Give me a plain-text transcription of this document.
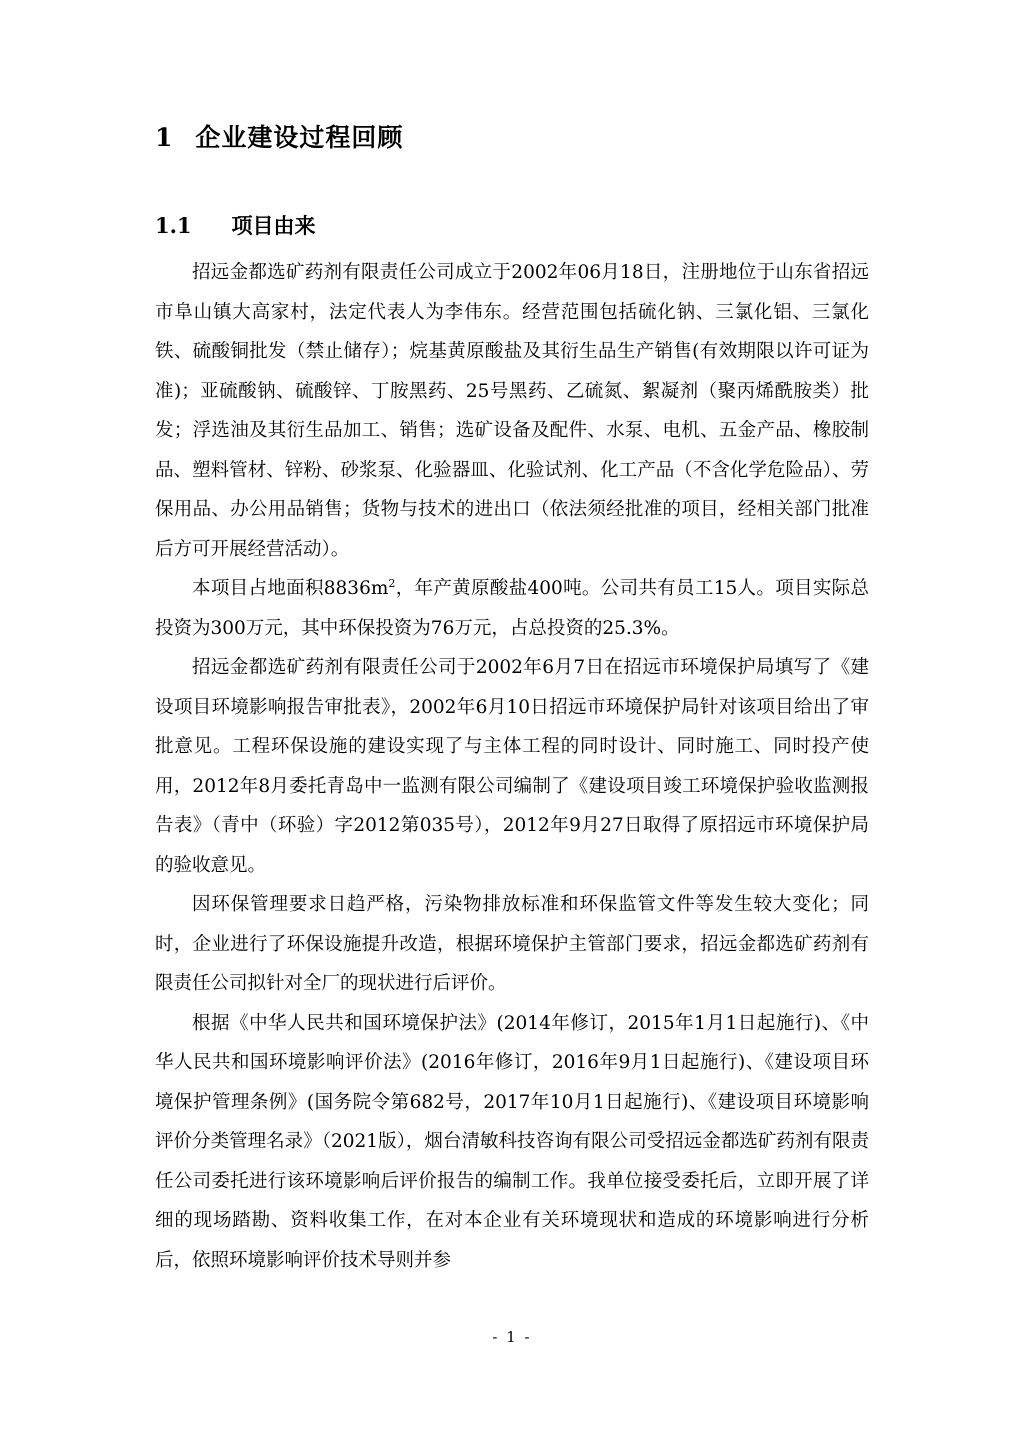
1 企业建设过程回顾
1.1 项目由来

招远金都选矿药剂有限责任公司成立于2002年06月18日，注册地位于山东省招远市阜山镇大高家村，法定代表人为李伟东。经营范围包括硫化钠、三氯化铝、三氯化铁、硫酸铜批发（禁止储存）；烷基黄原酸盐及其衍生品生产销售(有效期限以许可证为准)；亚硫酸钠、硫酸锌、丁胺黑药、25号黑药、乙硫氮、絮凝剂（聚丙烯酰胺类）批发；浮选油及其衍生品加工、销售；选矿设备及配件、水泵、电机、五金产品、橡胶制品、塑料管材、锌粉、砂浆泵、化验器皿、化验试剂、化工产品（不含化学危险品）、劳保用品、办公用品销售；货物与技术的进出口（依法须经批准的项目，经相关部门批准后方可开展经营活动）。

本项目占地面积$8836m^2$，年产黄原酸盐400吨。公司共有员工15人。项目实际总投资为300万元，其中环保投资为76万元，占总投资的25.3%。

招远金都选矿药剂有限责任公司于2002年6月7日在招远市环境保护局填写了《建设项目环境影响报告审批表》，2002年6月10日招远市环境保护局针对该项目给出了审批意见。工程环保设施的建设实现了与主体工程的同时设计、同时施工、同时投产使用，2012年8月委托青岛中一监测有限公司编制了《建设项目竣工环境保护验收监测报告表》（青中（环验）字2012第035号），2012年9月27日取得了原招远市环境保护局的验收意见。

因环保管理要求日趋严格，污染物排放标准和环保监管文件等发生较大变化；同时，企业进行了环保设施提升改造，根据环境保护主管部门要求，招远金都选矿药剂有限责任公司拟针对全厂的现状进行后评价。

根据《中华人民共和国环境保护法》(2014年修订，2015年1月1日起施行)、《中华人民共和国环境影响评价法》(2016年修订，2016年9月1日起施行)、《建设项目环境保护管理条例》(国务院令第682号，2017年10月1日起施行)、《建设项目环境影响评价分类管理名录》（2021版），烟台清敏科技咨询有限公司受招远金都选矿药剂有限责任公司委托进行该环境影响后评价报告的编制工作。我单位接受委托后，立即开展了详细的现场踏勘、资料收集工作，在对本企业有关环境现状和造成的环境影响进行分析后，依照环境影响评价技术导则并参

- 1 -
